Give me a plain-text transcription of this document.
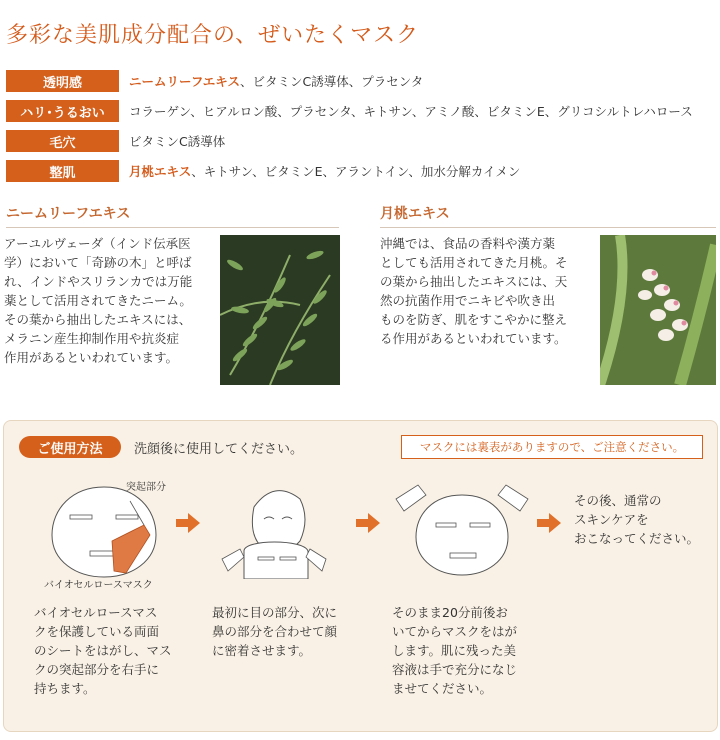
多彩な美肌成分配合の、ぜいたくマスク
透明感	ニームリーフエキス、ビタミンC誘導体、プラセンタ
ハリ･うるおい	コラーゲン、ヒアルロン酸、プラセンタ、キトサン、アミノ酸、ビタミンE、グリコシルトレハロース
毛穴	ビタミンC誘導体
整肌	月桃エキス、キトサン、ビタミンE、アラントイン、加水分解カイメン
ニームリーフエキス
アーユルヴェーダ（インド伝承医
学）において「奇跡の木」と呼ば
れ、インドやスリランカでは万能
薬として活用されてきたニーム。
その葉から抽出したエキスには、
メラニン産生抑制作用や抗炎症
作用があるといわれています。
月桃エキス
沖縄では、食品の香料や漢方薬
としても活用されてきた月桃。そ
の葉から抽出したエキスには、天
然の抗菌作用でニキビや吹き出
ものを防ぎ、肌をすこやかに整え
る作用があるといわれています。
ご使用方法	洗顔後に使用してください。	マスクには裏表がありますので、ご注意ください。
突起部分
バイオセルロースマスク
その後、通常の
スキンケアを
おこなってください。
バイオセルロースマス
クを保護している両面
のシートをはがし、マス
クの突起部分を右手に
持ちます。
最初に目の部分、次に
鼻の部分を合わせて顔
に密着させます。
そのまま20分前後お
いてからマスクをはが
します。肌に残った美
容液は手で充分になじ
ませてください。
